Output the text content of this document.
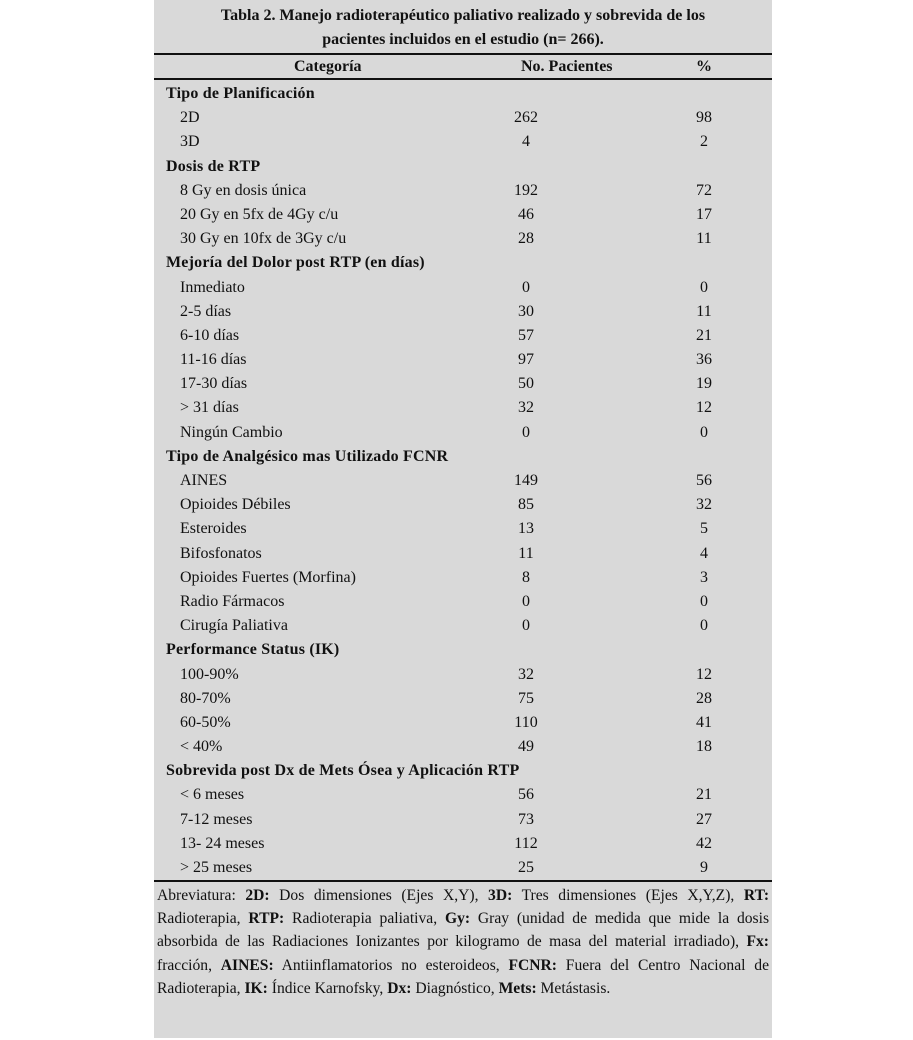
Tabla 2. Manejo radioterapéutico paliativo realizado y sobrevida de los
pacientes incluidos en el estudio (n= 266).
Categoría	No. Pacientes	%
Tipo de Planificación
2D	262	98
3D	4	2
Dosis de RTP
8 Gy en dosis única	192	72
20 Gy en 5fx de 4Gy c/u	46	17
30 Gy en 10fx de 3Gy c/u	28	11
Mejoría del Dolor post RTP (en días)
Inmediato	0	0
2-5 días	30	11
6-10 días	57	21
11-16 días	97	36
17-30 días	50	19
> 31 días	32	12
Ningún Cambio	0	0
Tipo de Analgésico mas Utilizado FCNR
AINES	149	56
Opioides Débiles	85	32
Esteroides	13	5
Bifosfonatos	11	4
Opioides Fuertes (Morfina)	8	3
Radio Fármacos	0	0
Cirugía Paliativa	0	0
Performance Status (IK)
100-90%	32	12
80-70%	75	28
60-50%	110	41
< 40%	49	18
Sobrevida post Dx de Mets Ósea y Aplicación RTP
< 6 meses	56	21
7-12 meses	73	27
13- 24 meses	112	42
> 25 meses	25	9
Abreviatura: 2D: Dos dimensiones (Ejes X,Y), 3D: Tres dimensiones (Ejes X,Y,Z), RT: Radioterapia, RTP: Radioterapia paliativa, Gy: Gray (unidad de medida que mide la dosis absorbida de las Radiaciones Ionizantes por kilogramo de masa del material irradiado), Fx: fracción, AINES: Antiinflamatorios no esteroideos, FCNR: Fuera del Centro Nacional de Radioterapia, IK: Índice Karnofsky, Dx: Diagnóstico, Mets: Metástasis.
